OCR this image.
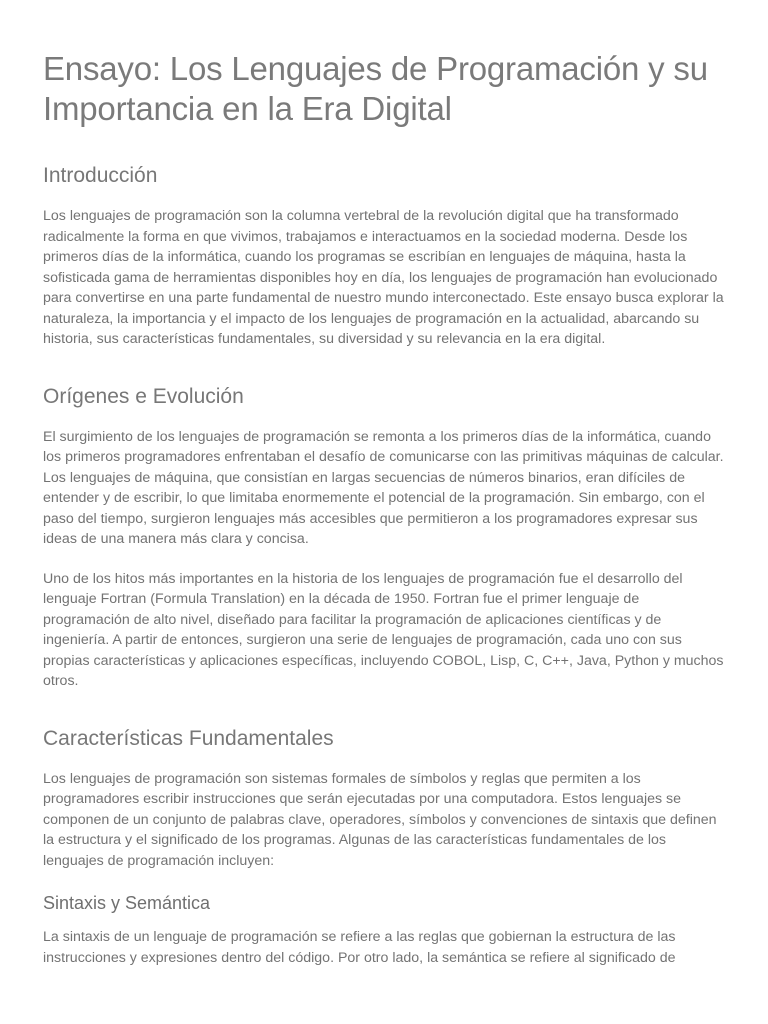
Ensayo: Los Lenguajes de Programación y su Importancia en la Era Digital
Introducción

Los lenguajes de programación son la columna vertebral de la revolución digital que ha transformado radicalmente la forma en que vivimos, trabajamos e interactuamos en la sociedad moderna. Desde los primeros días de la informática, cuando los programas se escribían en lenguajes de máquina, hasta la sofisticada gama de herramientas disponibles hoy en día, los lenguajes de programación han evolucionado para convertirse en una parte fundamental de nuestro mundo interconectado. Este ensayo busca explorar la naturaleza, la importancia y el impacto de los lenguajes de programación en la actualidad, abarcando su historia, sus características fundamentales, su diversidad y su relevancia en la era digital.

Orígenes e Evolución

El surgimiento de los lenguajes de programación se remonta a los primeros días de la informática, cuando los primeros programadores enfrentaban el desafío de comunicarse con las primitivas máquinas de calcular. Los lenguajes de máquina, que consistían en largas secuencias de números binarios, eran difíciles de entender y de escribir, lo que limitaba enormemente el potencial de la programación. Sin embargo, con el paso del tiempo, surgieron lenguajes más accesibles que permitieron a los programadores expresar sus ideas de una manera más clara y concisa.

Uno de los hitos más importantes en la historia de los lenguajes de programación fue el desarrollo del lenguaje Fortran (Formula Translation) en la década de 1950. Fortran fue el primer lenguaje de programación de alto nivel, diseñado para facilitar la programación de aplicaciones científicas y de ingeniería. A partir de entonces, surgieron una serie de lenguajes de programación, cada uno con sus propias características y aplicaciones específicas, incluyendo COBOL, Lisp, C, C++, Java, Python y muchos otros.

Características Fundamentales

Los lenguajes de programación son sistemas formales de símbolos y reglas que permiten a los programadores escribir instrucciones que serán ejecutadas por una computadora. Estos lenguajes se componen de un conjunto de palabras clave, operadores, símbolos y convenciones de sintaxis que definen la estructura y el significado de los programas. Algunas de las características fundamentales de los lenguajes de programación incluyen:

Sintaxis y Semántica

La sintaxis de un lenguaje de programación se refiere a las reglas que gobiernan la estructura de las instrucciones y expresiones dentro del código. Por otro lado, la semántica se refiere al significado de
